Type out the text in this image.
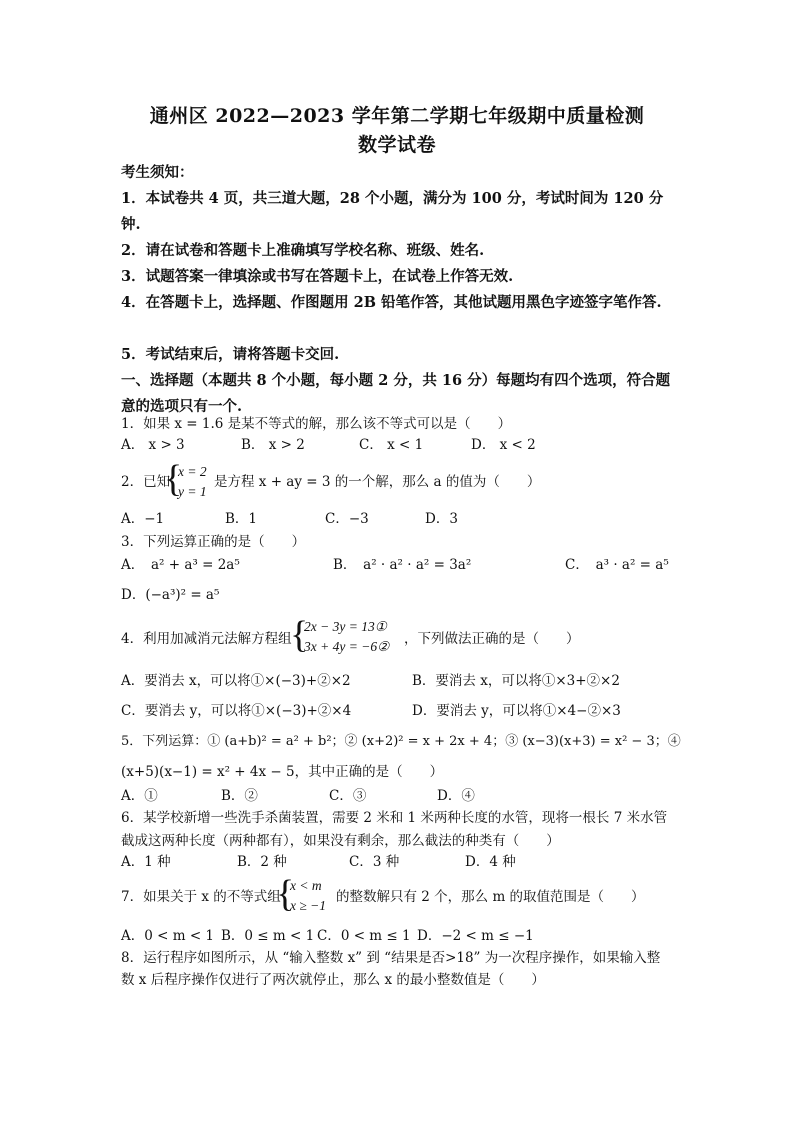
通州区 2022—2023 学年第二学期七年级期中质量检测
数学试卷
考生须知：
1．本试卷共 4 页，共三道大题，28 个小题，满分为 100 分，考试时间为 120 分钟.
2．请在试卷和答题卡上准确填写学校名称、班级、姓名.
3．试题答案一律填涂或书写在答题卡上，在试卷上作答无效.
4．在答题卡上，选择题、作图题用 2B 铅笔作答，其他试题用黑色字迹签字笔作答.
5．考试结束后，请将答题卡交回.
一、选择题（本题共 8 个小题，每小题 2 分，共 16 分）每题均有四个选项，符合题意的选项只有一个.
1．如果 x = 1.6 是某不等式的解，那么该不等式可以是（　　）
A． x > 3	B． x > 2	C． x < 1	D． x < 2
2．已知
{
x = 2
y = 1
是方程 x + ay = 3 的一个解，那么 a 的值为（　　）
A．−1	B．1	C．−3	D．3
3．下列运算正确的是（　　）
A．　a² + a³ = 2a⁵	B．　a² · a² · a² = 3a²	C．　a³ · a² = a⁵
D．(−a³)² = a⁵
4．利用加减消元法解方程组
{
2x − 3y = 13①
3x + 4y = −6② ，下列做法正确的是（　　）
A．要消去 x，可以将①×(−3)+②×2	B．要消去 x，可以将①×3+②×2
C．要消去 y，可以将①×(−3)+②×4	D．要消去 y，可以将①×4−②×3
5．下列运算：① (a+b)² = a² + b²；② (x+2)² = x + 2x + 4；③ (x−3)(x+3) = x² − 3；④
(x+5)(x−1) = x² + 4x − 5，其中正确的是（　　）
A．①	B．②	C．③	D．④
6．某学校新增一些洗手杀菌装置，需要 2 米和 1 米两种长度的水管，现将一根长 7 米水管
截成这两种长度（两种都有），如果没有剩余，那么截法的种类有（　　）
A．1 种	B．2 种	C．3 种	D．4 种
7．如果关于 x 的不等式组
{
x < m
x ≥ −1
的整数解只有 2 个，那么 m 的取值范围是（　　）
A．0 < m < 1 B．0 ≤ m < 1 C．0 < m ≤ 1 D．−2 < m ≤ −1
8．运行程序如图所示，从 “输入整数 x” 到 “结果是否>18” 为一次程序操作，如果输入整
数 x 后程序操作仅进行了两次就停止，那么 x 的最小整数值是（　　）
